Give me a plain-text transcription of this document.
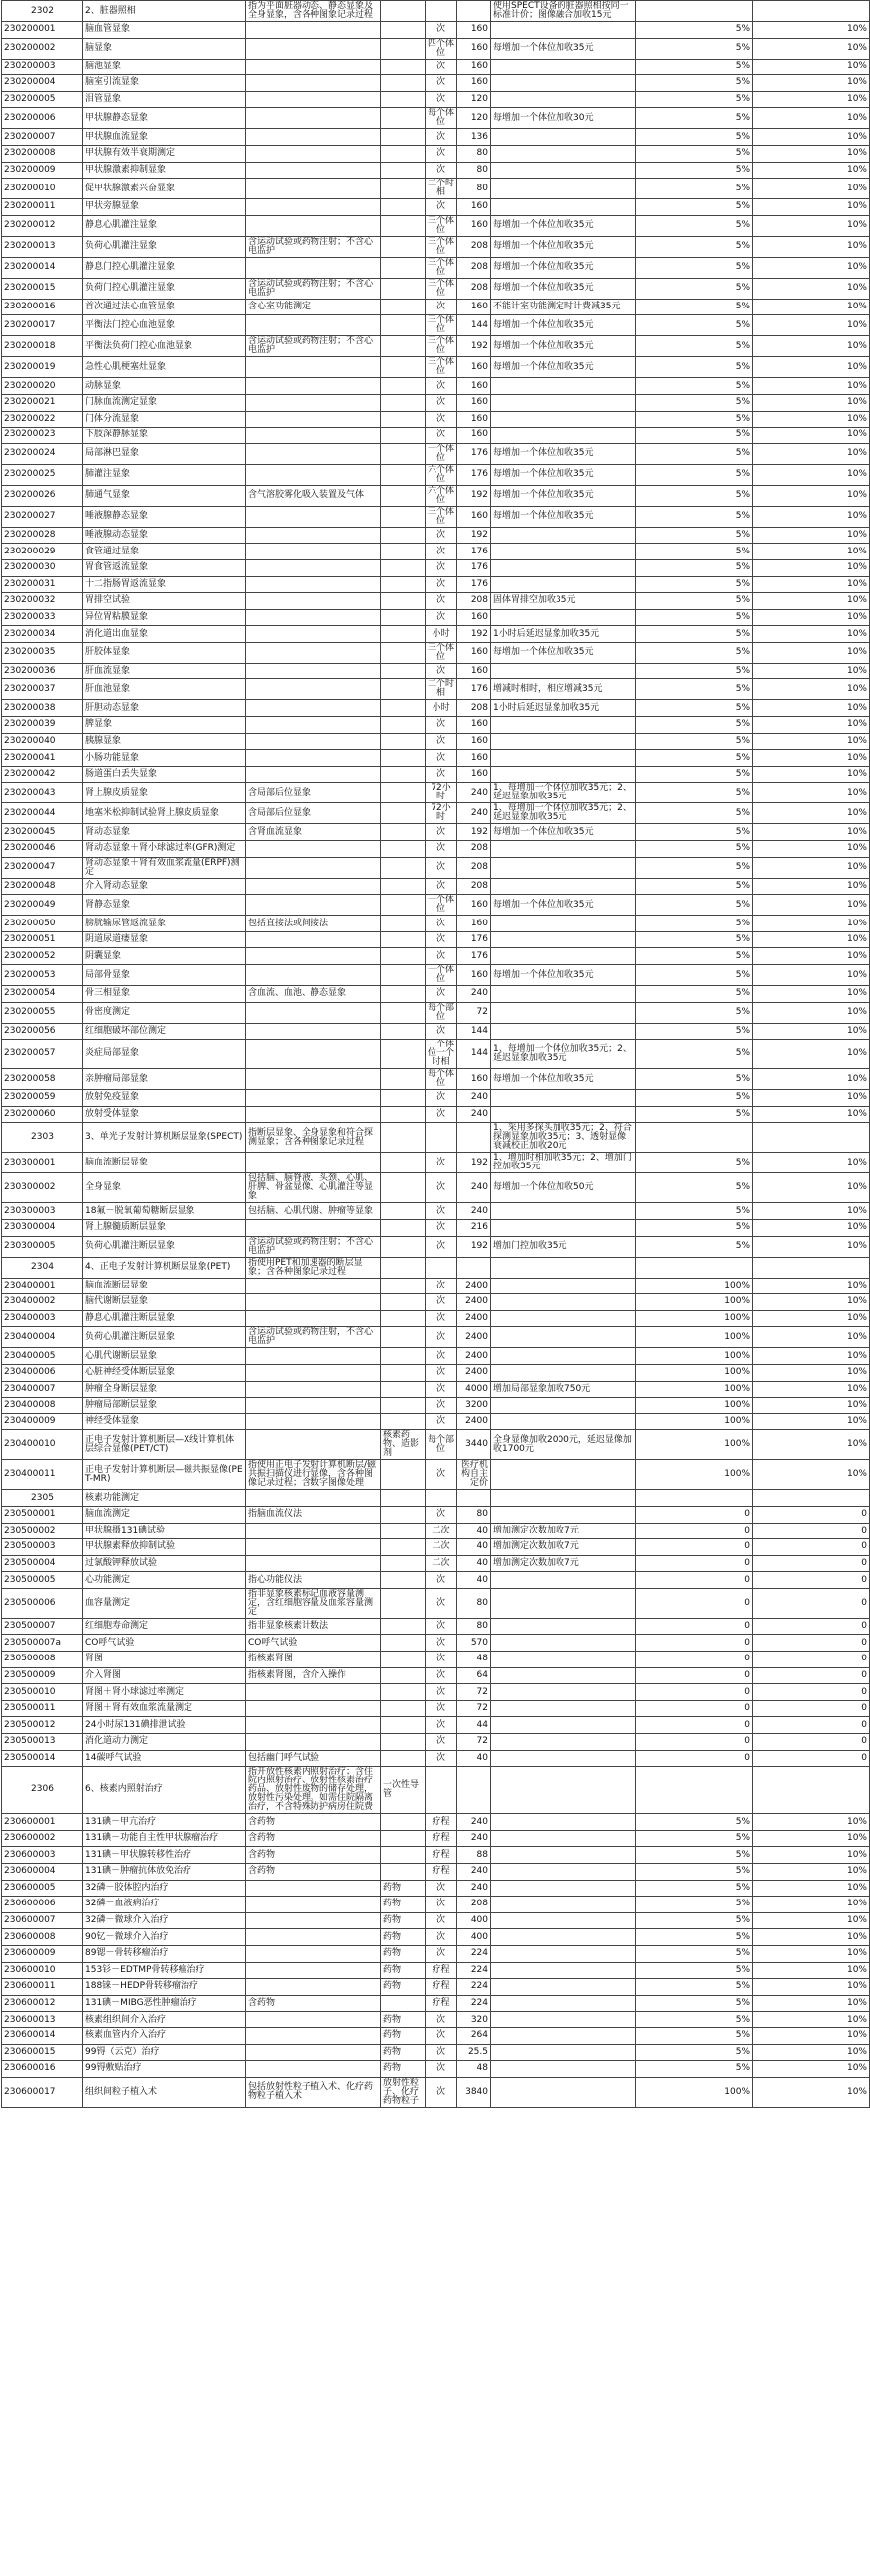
2302	2、脏器照相	指为平面脏器动态、静态显象及全身显象，含各种图象记录过程				使用SPECT设备的脏器照相按同一标准计价；图像融合加收15元		
230200001	脑血管显象			次	160		5%	10%
230200002	脑显象			四个体位	160	每增加一个体位加收35元	5%	10%
230200003	脑池显象			次	160		5%	10%
230200004	脑室引流显象			次	160		5%	10%
230200005	泪管显象			次	120		5%	10%
230200006	甲状腺静态显象			每个体位	120	每增加一个体位加收30元	5%	10%
230200007	甲状腺血流显象			次	136		5%	10%
230200008	甲状腺有效半衰期测定			次	80		5%	10%
230200009	甲状腺激素抑制显象			次	80		5%	10%
230200010	促甲状腺激素兴奋显象			二个时相	80		5%	10%
230200011	甲状旁腺显象			次	160		5%	10%
230200012	静息心肌灌注显象			三个体位	160	每增加一个体位加收35元	5%	10%
230200013	负荷心肌灌注显象	含运动试验或药物注射；不含心电监护		三个体位	208	每增加一个体位加收35元	5%	10%
230200014	静息门控心肌灌注显象			三个体位	208	每增加一个体位加收35元	5%	10%
230200015	负荷门控心肌灌注显象	含运动试验或药物注射；不含心电监护		三个体位	208	每增加一个体位加收35元	5%	10%
230200016	首次通过法心血管显象	含心室功能测定		次	160	不能计室功能测定时计费减35元	5%	10%
230200017	平衡法门控心血池显象			三个体位	144	每增加一个体位加收35元	5%	10%
230200018	平衡法负荷门控心血池显象	含运动试验或药物注射；不含心电监护		三个体位	192	每增加一个体位加收35元	5%	10%
230200019	急性心肌梗塞灶显象			三个体位	160	每增加一个体位加收35元	5%	10%
230200020	动脉显象			次	160		5%	10%
230200021	门脉血流测定显象			次	160		5%	10%
230200022	门体分流显象			次	160		5%	10%
230200023	下肢深静脉显象			次	160		5%	10%
230200024	局部淋巴显象			一个体位	176	每增加一个体位加收35元	5%	10%
230200025	肺灌注显象			六个体位	176	每增加一个体位加收35元	5%	10%
230200026	肺通气显象	含气溶胶雾化吸入装置及气体		六个体位	192	每增加一个体位加收35元	5%	10%
230200027	唾液腺静态显象			三个体位	160	每增加一个体位加收35元	5%	10%
230200028	唾液腺动态显象			次	192		5%	10%
230200029	食管通过显象			次	176		5%	10%
230200030	胃食管返流显象			次	176		5%	10%
230200031	十二指肠胃返流显象			次	176		5%	10%
230200032	胃排空试验			次	208	固体胃排空加收35元	5%	10%
230200033	异位胃粘膜显象			次	160		5%	10%
230200034	消化道出血显象			小时	192	1小时后延迟显象加收35元	5%	10%
230200035	肝胶体显象			三个体位	160	每增加一个体位加收35元	5%	10%
230200036	肝血流显象			次	160		5%	10%
230200037	肝血池显象			二个时相	176	增减时相时，相应增减35元	5%	10%
230200038	肝胆动态显象			小时	208	1小时后延迟显象加收35元	5%	10%
230200039	脾显象			次	160		5%	10%
230200040	胰腺显象			次	160		5%	10%
230200041	小肠功能显象			次	160		5%	10%
230200042	肠道蛋白丢失显象			次	160		5%	10%
230200043	肾上腺皮质显象	含局部后位显象		72小时	240	1、每增加一个体位加收35元；2、延迟显象加收35元	5%	10%
230200044	地塞米松抑制试验肾上腺皮质显象	含局部后位显象		72小时	240	1、每增加一个体位加收35元；2、延迟显象加收35元	5%	10%
230200045	肾动态显象	含肾血流显象		次	192	每增加一个体位加收35元	5%	10%
230200046	肾动态显象＋肾小球滤过率(GFR)测定			次	208		5%	10%
230200047	肾动态显象＋肾有效血浆流量(ERPF)测定			次	208		5%	10%
230200048	介入肾动态显象			次	208		5%	10%
230200049	肾静态显象			一个体位	160	每增加一个体位加收35元	5%	10%
230200050	膀胱输尿管返流显象	包括直接法或间接法		次	160		5%	10%
230200051	阴道尿道瘘显象			次	176		5%	10%
230200052	阴囊显象			次	176		5%	10%
230200053	局部骨显象			一个体位	160	每增加一个体位加收35元	5%	10%
230200054	骨三相显象	含血流、血池、静态显象		次	240		5%	10%
230200055	骨密度测定			每个部位	72		5%	10%
230200056	红细胞破坏部位测定			次	144		5%	10%
230200057	炎症局部显象			一个体位一个时相	144	1、每增加一个体位加收35元；2、延迟显象加收35元	5%	10%
230200058	亲肿瘤局部显象			每个体位	160	每增加一个体位加收35元	5%	10%
230200059	放射免疫显象			次	240		5%	10%
230200060	放射受体显象			次	240		5%	10%
2303	3、单光子发射计算机断层显象(SPECT)	指断层显象、全身显象和符合探测显象；含各种图象记录过程				1、采用多探头加收35元；2、符合探测显象加收35元；3、透射显像衰减校正加收20元		
230300001	脑血流断层显象			次	192	1、增加时相加收35元；2、增加门控加收35元	5%	10%
230300002	全身显象	包括脑、脑脊液、头颈、心肌、肝脾、骨盆显像、心肌灌注等显象		次	240	每增加一个体位加收50元	5%	10%
230300003	18氟－脱氧葡萄糖断层显象	包括脑、心肌代谢、肿瘤等显象		次	240		5%	10%
230300004	肾上腺髓质断层显象			次	216		5%	10%
230300005	负荷心肌灌注断层显象	含运动试验或药物注射；不含心电监护		次	192	增加门控加收35元	5%	10%
2304	4、正电子发射计算机断层显象(PET)	指使用PET和加速器的断层显象；含各种图象记录过程						
230400001	脑血流断层显象			次	2400		100%	10%
230400002	脑代谢断层显象			次	2400		100%	10%
230400003	静息心肌灌注断层显象			次	2400		100%	10%
230400004	负荷心肌灌注断层显象	含运动试验或药物注射，不含心电监护		次	2400		100%	10%
230400005	心肌代谢断层显象			次	2400		100%	10%
230400006	心脏神经受体断层显象			次	2400		100%	10%
230400007	肿瘤全身断层显象			次	4000	增加局部显象加收750元	100%	10%
230400008	肿瘤局部断层显象			次	3200		100%	10%
230400009	神经受体显象			次	2400		100%	10%
230400010	正电子发射计算机断层—X线计算机体层综合显像(PET/CT)		核素药物、造影剂	每个部位	3440	全身显像加收2000元，延迟显像加收1700元	100%	10%
230400011	正电子发射计算机断层—磁共振显像(PET-MR)	指使用正电子发射计算机断层/磁共振扫描仪进行显像，含各种图像记录过程；含数字图像处理		次	医疗机构自主定价		100%	10%
2305	核素功能测定							
230500001	脑血流测定	指脑血流仪法		次	80		0	0
230500002	甲状腺摄131碘试验			二次	40	增加测定次数加收7元	0	0
230500003	甲状腺素释放抑制试验			二次	40	增加测定次数加收7元	0	0
230500004	过氯酸钾释放试验			二次	40	增加测定次数加收7元	0	0
230500005	心功能测定	指心功能仪法		次	40		0	0
230500006	血容量测定	指非显象核素标记血液容量测定，含红细胞容量及血浆容量测定		次	80		0	0
230500007	红细胞寿命测定	指非显象核素计数法		次	80		0	0
230500007a	CO呼气试验	CO呼气试验		次	570		0	0
230500008	肾图	指核素肾图		次	48		0	0
230500009	介入肾图	指核素肾图，含介入操作		次	64		0	0
230500010	肾图＋肾小球滤过率测定			次	72		0	0
230500011	肾图＋肾有效血浆流量测定			次	72		0	0
230500012	24小时尿131碘排泄试验			次	44		0	0
230500013	消化道动力测定			次	72		0	0
230500014	14碳呼气试验	包括幽门呼气试验		次	40		0	0
2306	6、核素内照射治疗	指开放性核素内照射治疗；含住院内照射治疗、放射性核素治疗药品、放射性废物的储存处理，放射性污染处理。如需住院隔离治疗，不含特殊防护病房住院费	一次性导管					
230600001	131碘－甲亢治疗	含药物		疗程	240		5%	10%
230600002	131碘－功能自主性甲状腺瘤治疗	含药物		疗程	240		5%	10%
230600003	131碘－甲状腺转移性治疗	含药物		疗程	88		5%	10%
230600004	131碘－肿瘤抗体放免治疗	含药物		疗程	240		5%	10%
230600005	32磷－胶体腔内治疗		药物	次	240		5%	10%
230600006	32磷－血液病治疗		药物	次	208		5%	10%
230600007	32磷－微球介入治疗		药物	次	400		5%	10%
230600008	90钇－微球介入治疗		药物	次	400		5%	10%
230600009	89锶－骨转移瘤治疗		药物	次	224		5%	10%
230600010	153钐－EDTMP骨转移瘤治疗		药物	疗程	224		5%	10%
230600011	188铼－HEDP骨转移瘤治疗		药物	疗程	224		5%	10%
230600012	131碘－MIBG恶性肿瘤治疗	含药物		疗程	224		5%	10%
230600013	核素组织间介入治疗		药物	次	320		5%	10%
230600014	核素血管内介入治疗		药物	次	264		5%	10%
230600015	99锝（云克）治疗		药物	次	25.5		5%	10%
230600016	99锝敷贴治疗		药物	次	48		5%	10%
230600017	组织间粒子植入术	包括放射性粒子植入术、化疗药物粒子植入术	放射性粒子、化疗药物粒子	次	3840		100%	10%
